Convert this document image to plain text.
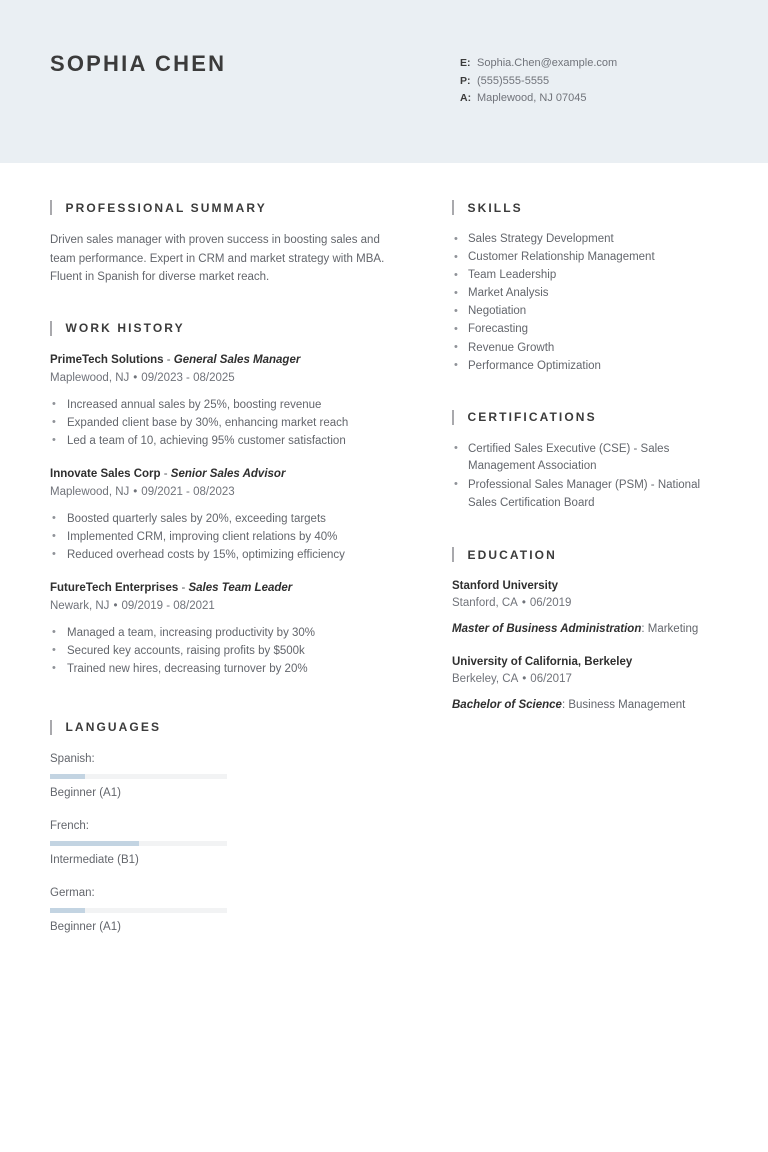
SOPHIA CHEN	E: Sophia.Chen@example.com
P: (555)555-5555
A: Maplewood, NJ 07045
PROFESSIONAL SUMMARY

Driven sales manager with proven success in boosting sales and team performance. Expert in CRM and market strategy with MBA. Fluent in Spanish for diverse market reach.

WORK HISTORY
PrimeTech Solutions - General Sales Manager
Maplewood, NJ • 09/2023 - 08/2025
• Increased annual sales by 25%, boosting revenue
• Expanded client base by 30%, enhancing market reach
• Led a team of 10, achieving 95% customer satisfaction
Innovate Sales Corp - Senior Sales Advisor
Maplewood, NJ • 09/2021 - 08/2023
• Boosted quarterly sales by 20%, exceeding targets
• Implemented CRM, improving client relations by 40%
• Reduced overhead costs by 15%, optimizing efficiency
FutureTech Enterprises - Sales Team Leader
Newark, NJ • 09/2019 - 08/2021
• Managed a team, increasing productivity by 30%
• Secured key accounts, raising profits by $500k
• Trained new hires, decreasing turnover by 20%
LANGUAGES
Spanish:
Beginner (A1)
French:
Intermediate (B1)
German:
Beginner (A1)
SKILLS
• Sales Strategy Development
• Customer Relationship Management
• Team Leadership
• Market Analysis
• Negotiation
• Forecasting
• Revenue Growth
• Performance Optimization
CERTIFICATIONS
• Certified Sales Executive (CSE) - Sales Management Association
• Professional Sales Manager (PSM) - National Sales Certification Board
EDUCATION
Stanford University
Stanford, CA • 06/2019
Master of Business Administration: Marketing
University of California, Berkeley
Berkeley, CA • 06/2017
Bachelor of Science: Business Management
